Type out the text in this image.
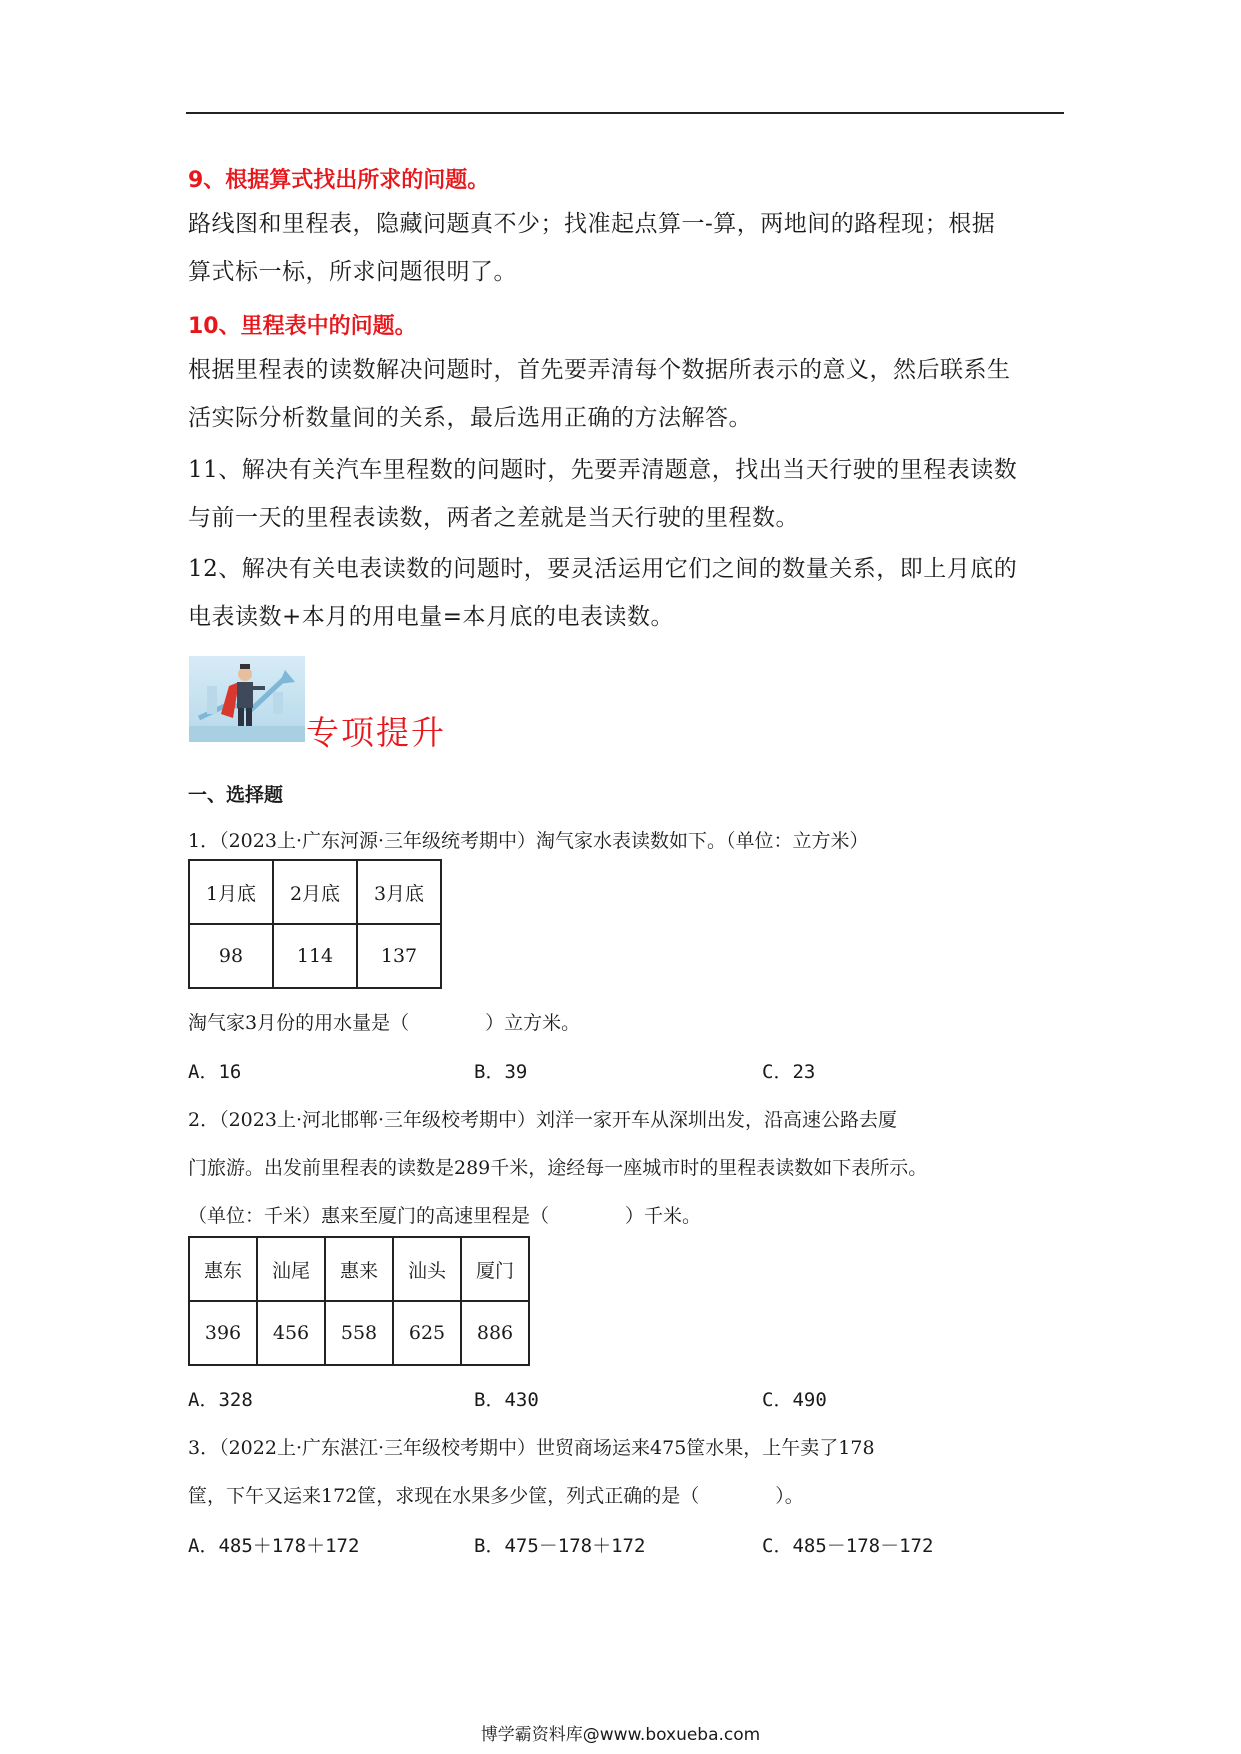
9、根据算式找出所求的问题。
路线图和里程表，隐藏问题真不少；找准起点算一-算，两地间的路程现；根据
算式标一标，所求问题很明了。
10、里程表中的问题。
根据里程表的读数解决问题时，首先要弄清每个数据所表示的意义，然后联系生
活实际分析数量间的关系，最后选用正确的方法解答。
11、解决有关汽车里程数的问题时，先要弄清题意，找出当天行驶的里程表读数
与前一天的里程表读数，两者之差就是当天行驶的里程数。
12、解决有关电表读数的问题时，要灵活运用它们之间的数量关系，即上月底的
电表读数+本月的用电量=本月底的电表读数。
专项提升
一、选择题
1．（2023上·广东河源·三年级统考期中）淘气家水表读数如下。（单位：立方米）
1月底	2月底	3月底
98	114	137
淘气家3月份的用水量是（　　　　）立方米。
A．16	B．39	C．23
2．（2023上·河北邯郸·三年级校考期中）刘洋一家开车从深圳出发，沿高速公路去厦
门旅游。出发前里程表的读数是289千米，途经每一座城市时的里程表读数如下表所示。
（单位：千米）惠来至厦门的高速里程是（　　　　）千米。
惠东	汕尾	惠来	汕头	厦门
396	456	558	625	886
A．328	B．430	C．490
3．（2022上·广东湛江·三年级校考期中）世贸商场运来475筐水果，上午卖了178
筐，下午又运来172筐，求现在水果多少筐，列式正确的是（　　　　）。
A．485＋178＋172	B．475－178＋172	C．485－178－172
博学霸资料库@www.boxueba.com
